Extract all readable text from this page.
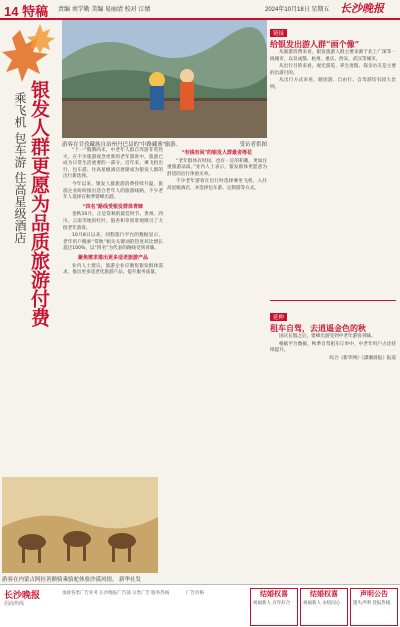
14 特稿 责编 刘学勤 美编 易丽清 校对 江婧	2024年10月18日 星期五 长沙晚报
游客在甘孜藏族自治州丹巴县的“中路藏寨”旅游。	受访者供图
银发人群更愿为品质旅游付费
乘飞机 包车游 住高星级酒店	“十一”假期尚未，中老年人群自驾游非常热火。在不少旅游观念更新的老年游客中，旅游已成为日常生活重要的一部分。近年来，乘飞机出行、包车游、住高星级酒店逐渐成为银发人群的出行新选择。

今年以来，银发人群旅游消费持续升温，旅游企业纷纷推出适合老年人的旅游线路，不少老年人选择在秋季错峰出游。

“四名”路线受银发群体青睐

金秋10月，正是赏秋的最佳时节。贵州、四川、云南等地的红叶、银杏和草原景观吸引了大批老年游客。

10月8日以来，同程旅行平台的数据显示，老年用户搜索“赏秋”相关关键词的热度环比增长超过100%，以“四名”为代表的路线受到青睐。

聚焦需求推出更多适老旅游产品

业内人士建议，旅游企业应聚焦银发群体需求，推出更多适老化旅游产品，提升服务质量。

“有钱有闲”的银发人群最舍得花

“老年群体有时间，也有一定的积蓄，更加注重旅游品质。”业内人士表示，银发群体更愿意为舒适的出行体验买单。

不少老年游客在出行时选择乘坐飞机、入住高星级酒店，并选择包车游、定制游等方式。

游客在内蒙古阿拉善额骑乘骆驼体验沙漠风情。 新华社发
链接
给银发出游人群“画个像”

从旅游消费来看，银发旅游人群主要来源于北上广深等一线城市，以及成都、杭州、重庆、西安、武汉等城市。

从出行目的来看，观光游览、养生度假、探亲访友是主要的出游目的。

从出行方式来看，跟团游、自由行、自驾游均有较大比例。

延伸
租车自驾，去逍遥金色的秋

国庆长假之后，错峰出游受到中老年游客青睐。

根据平台数据，秋季自驾租车订单中，中老年用户占比持续提升。

综合《新华网》《潇湘晨报》报道
长沙晚报
招商热线
承接各类广告业务 长沙晚报广告部 分类广告 服务热线	广告价格	结婚权喜
祝福新人 百年好合
结婚权喜
祝福新人 永结同心
声明公告
遗失声明 登报热线
